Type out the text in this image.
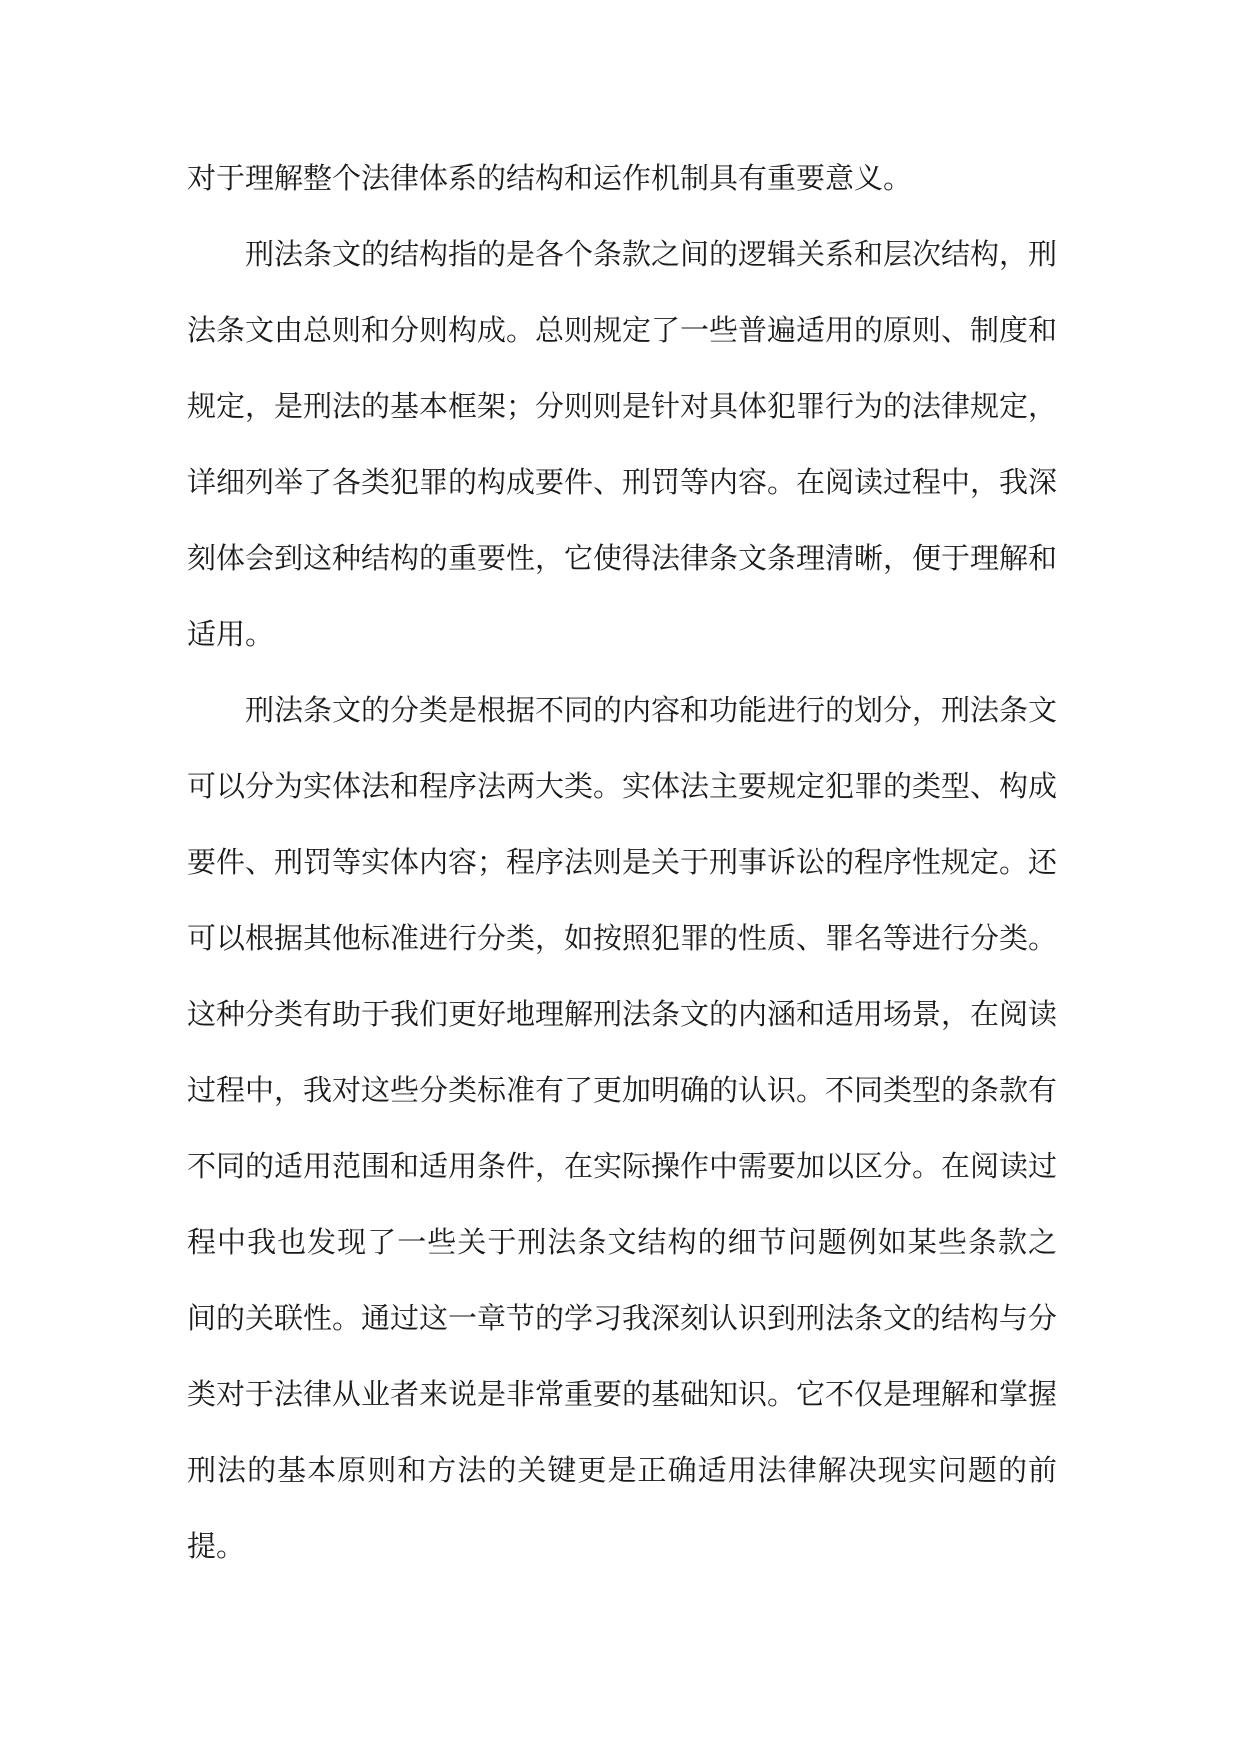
对于理解整个法律体系的结构和运作机制具有重要意义。
刑法条文的结构指的是各个条款之间的逻辑关系和层次结构，刑
法条文由总则和分则构成。总则规定了一些普遍适用的原则、制度和
规定，是刑法的基本框架；分则则是针对具体犯罪行为的法律规定，
详细列举了各类犯罪的构成要件、刑罚等内容。在阅读过程中，我深
刻体会到这种结构的重要性，它使得法律条文条理清晰，便于理解和
适用。
刑法条文的分类是根据不同的内容和功能进行的划分，刑法条文
可以分为实体法和程序法两大类。实体法主要规定犯罪的类型、构成
要件、刑罚等实体内容；程序法则是关于刑事诉讼的程序性规定。还
可以根据其他标准进行分类，如按照犯罪的性质、罪名等进行分类。
这种分类有助于我们更好地理解刑法条文的内涵和适用场景，在阅读
过程中，我对这些分类标准有了更加明确的认识。不同类型的条款有
不同的适用范围和适用条件，在实际操作中需要加以区分。在阅读过
程中我也发现了一些关于刑法条文结构的细节问题例如某些条款之
间的关联性。通过这一章节的学习我深刻认识到刑法条文的结构与分
类对于法律从业者来说是非常重要的基础知识。它不仅是理解和掌握
刑法的基本原则和方法的关键更是正确适用法律解决现实问题的前
提。
